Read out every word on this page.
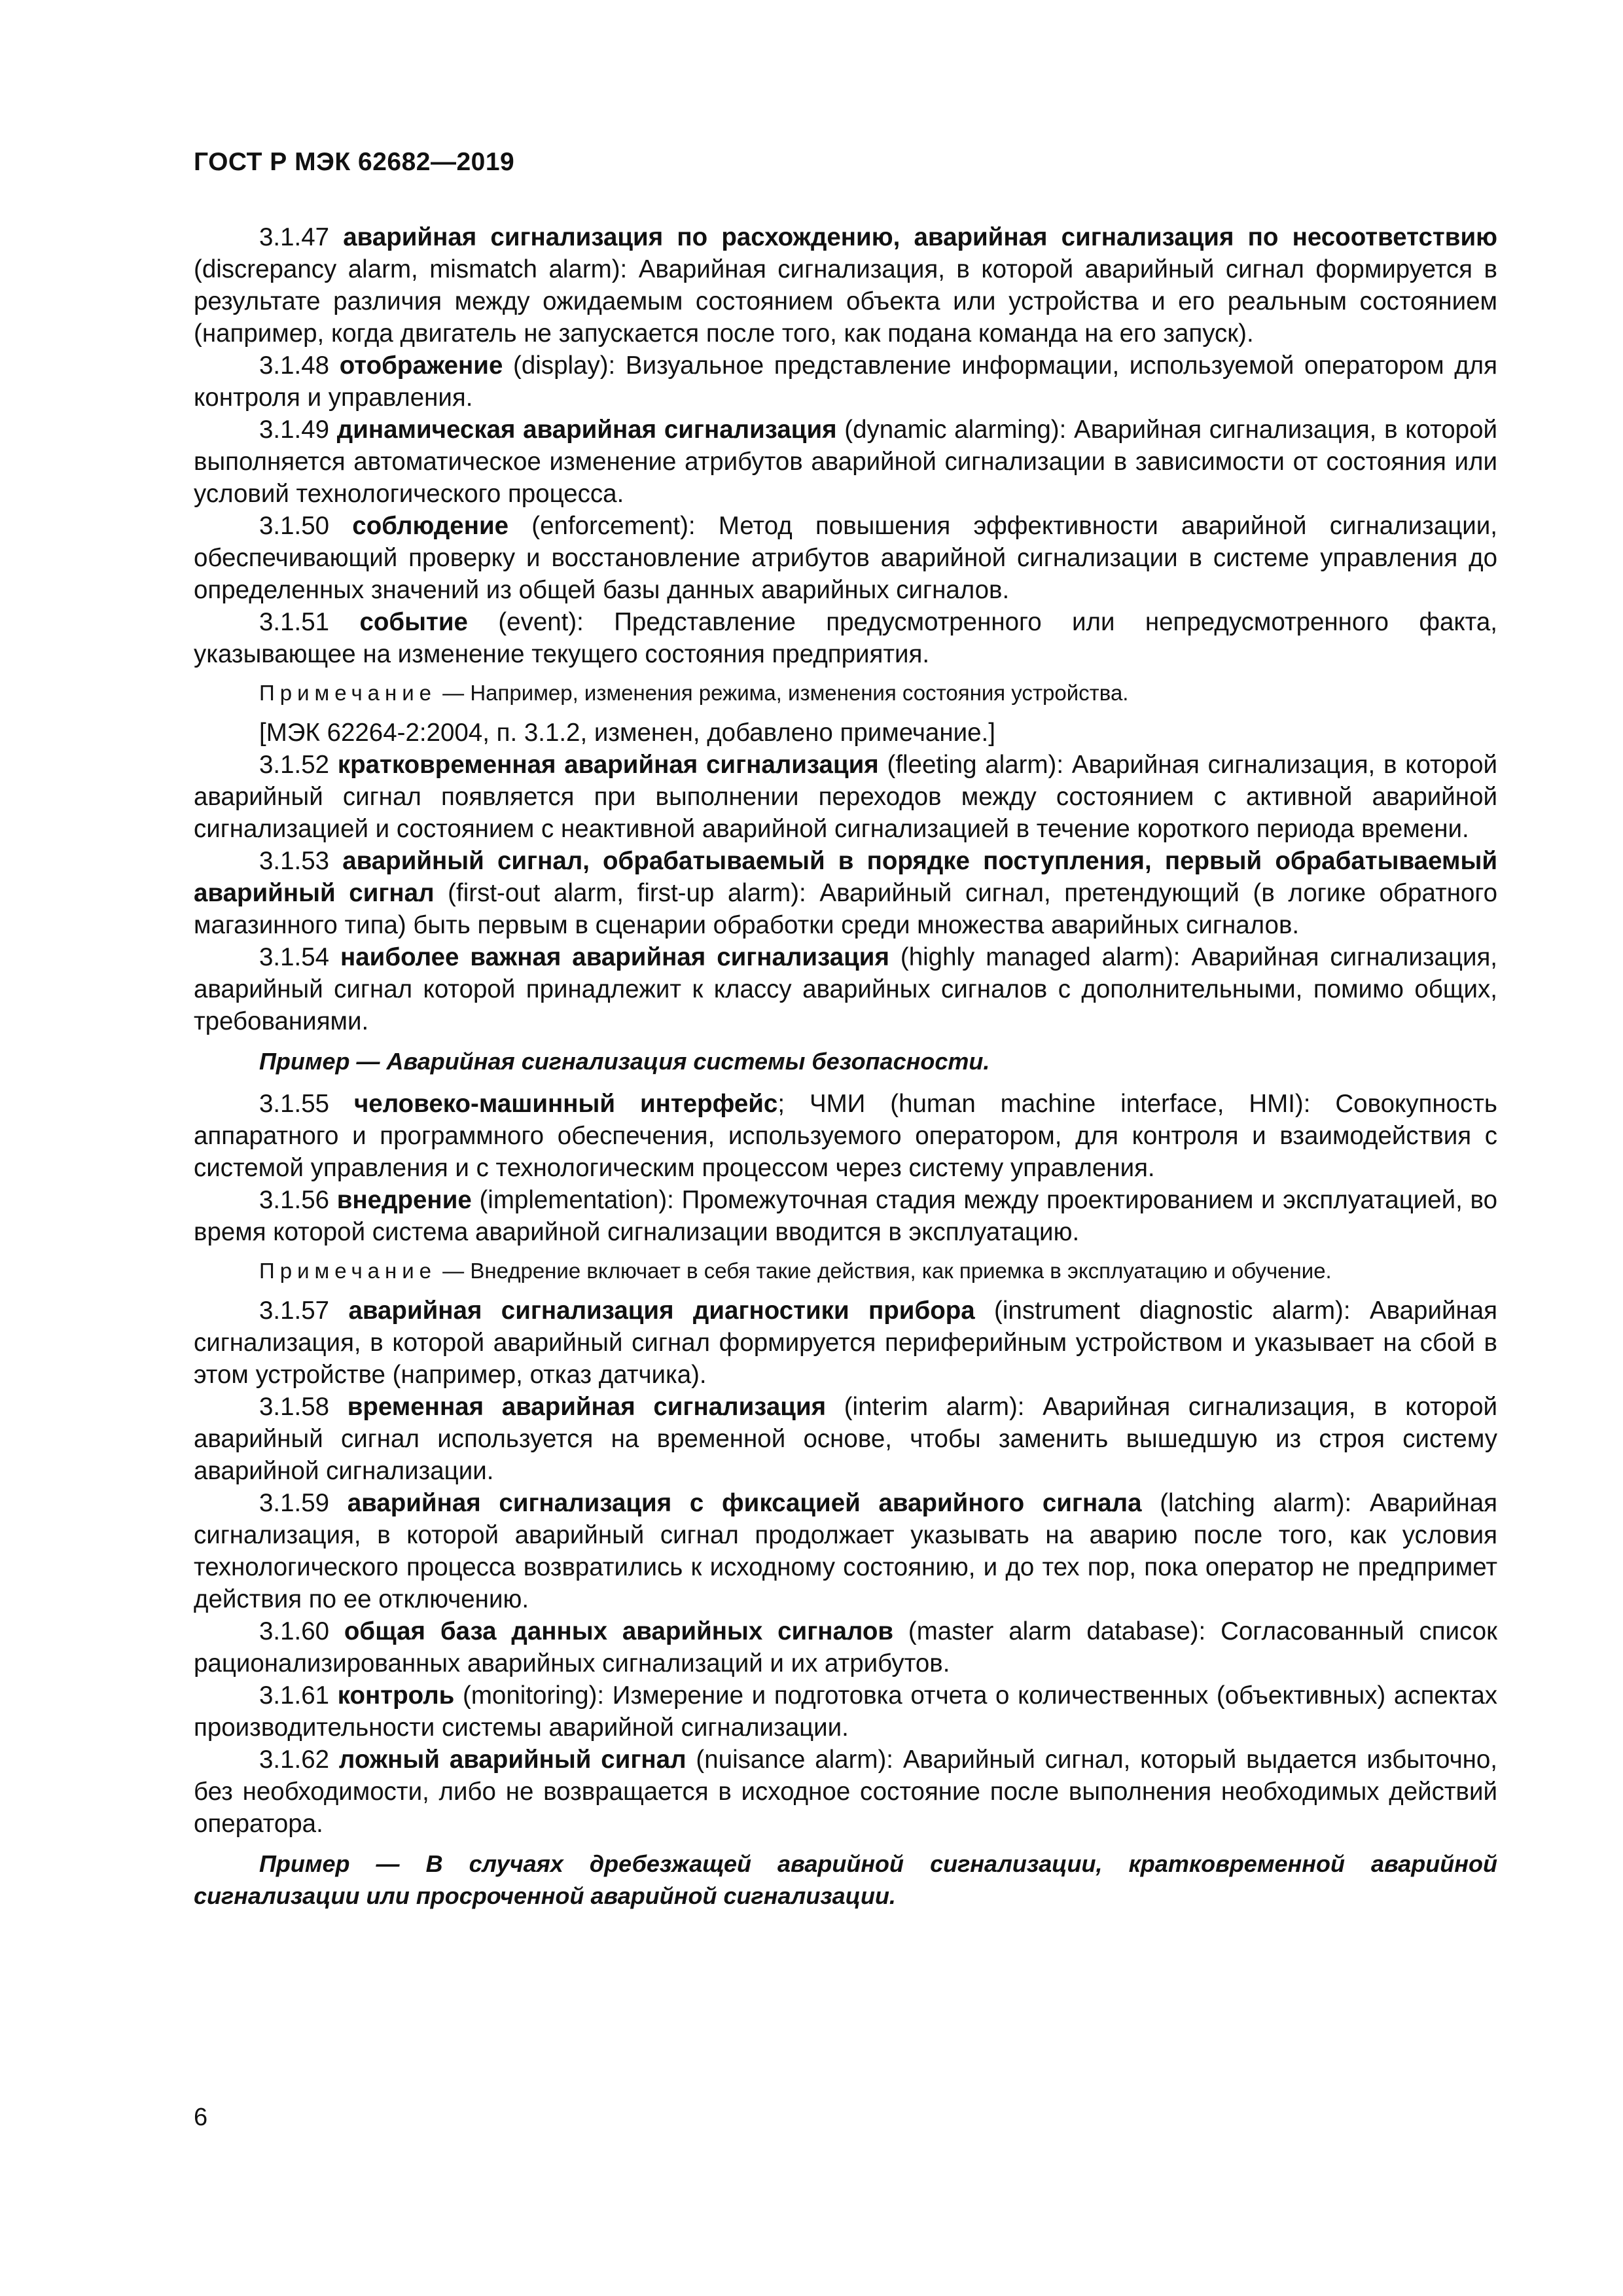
ГОСТ Р МЭК 62682—2019

3.1.47 аварийная сигнализация по расхождению, аварийная сигнализация по несоответствию (discrepancy alarm, mismatch alarm): Аварийная сигнализация, в которой аварийный сигнал формируется в результате различия между ожидаемым состоянием объекта или устройства и его реальным состоянием (например, когда двигатель не запускается после того, как подана команда на его запуск).

3.1.48 отображение (display): Визуальное представление информации, используемой оператором для контроля и управления.

3.1.49 динамическая аварийная сигнализация (dynamic alarming): Аварийная сигнализация, в которой выполняется автоматическое изменение атрибутов аварийной сигнализации в зависимости от состояния или условий технологического процесса.

3.1.50 соблюдение (enforcement): Метод повышения эффективности аварийной сигнализации, обеспечивающий проверку и восстановление атрибутов аварийной сигнализации в системе управления до определенных значений из общей базы данных аварийных сигналов.

3.1.51 событие (event): Представление предусмотренного или непредусмотренного факта, указывающее на изменение текущего состояния предприятия.

Примечание — Например, изменения режима, изменения состояния устройства.

[МЭК 62264-2:2004, п. 3.1.2, изменен, добавлено примечание.]

3.1.52 кратковременная аварийная сигнализация (fleeting alarm): Аварийная сигнализация, в которой аварийный сигнал появляется при выполнении переходов между состоянием с активной аварийной сигнализацией и состоянием с неактивной аварийной сигнализацией в течение короткого периода времени.

3.1.53 аварийный сигнал, обрабатываемый в порядке поступления, первый обрабатываемый аварийный сигнал (first-out alarm, first-up alarm): Аварийный сигнал, претендующий (в логике обратного магазинного типа) быть первым в сценарии обработки среди множества аварийных сигналов.

3.1.54 наиболее важная аварийная сигнализация (highly managed alarm): Аварийная сигнализация, аварийный сигнал которой принадлежит к классу аварийных сигналов с дополнительными, помимо общих, требованиями.

Пример — Аварийная сигнализация системы безопасности.

3.1.55 человеко-машинный интерфейс; ЧМИ (human machine interface, HMI): Совокупность аппаратного и программного обеспечения, используемого оператором, для контроля и взаимодействия с системой управления и с технологическим процессом через систему управления.

3.1.56 внедрение (implementation): Промежуточная стадия между проектированием и эксплуатацией, во время которой система аварийной сигнализации вводится в эксплуатацию.

Примечание — Внедрение включает в себя такие действия, как приемка в эксплуатацию и обучение.

3.1.57 аварийная сигнализация диагностики прибора (instrument diagnostic alarm): Аварийная сигнализация, в которой аварийный сигнал формируется периферийным устройством и указывает на сбой в этом устройстве (например, отказ датчика).

3.1.58 временная аварийная сигнализация (interim alarm): Аварийная сигнализация, в которой аварийный сигнал используется на временной основе, чтобы заменить вышедшую из строя систему аварийной сигнализации.

3.1.59 аварийная сигнализация с фиксацией аварийного сигнала (latching alarm): Аварийная сигнализация, в которой аварийный сигнал продолжает указывать на аварию после того, как условия технологического процесса возвратились к исходному состоянию, и до тех пор, пока оператор не предпримет действия по ее отключению.

3.1.60 общая база данных аварийных сигналов (master alarm database): Согласованный список рационализированных аварийных сигнализаций и их атрибутов.

3.1.61 контроль (monitoring): Измерение и подготовка отчета о количественных (объективных) аспектах производительности системы аварийной сигнализации.

3.1.62 ложный аварийный сигнал (nuisance alarm): Аварийный сигнал, который выдается избыточно, без необходимости, либо не возвращается в исходное состояние после выполнения необходимых действий оператора.

Пример — В случаях дребезжащей аварийной сигнализации, кратковременной аварийной сигнализации или просроченной аварийной сигнализации.

6
